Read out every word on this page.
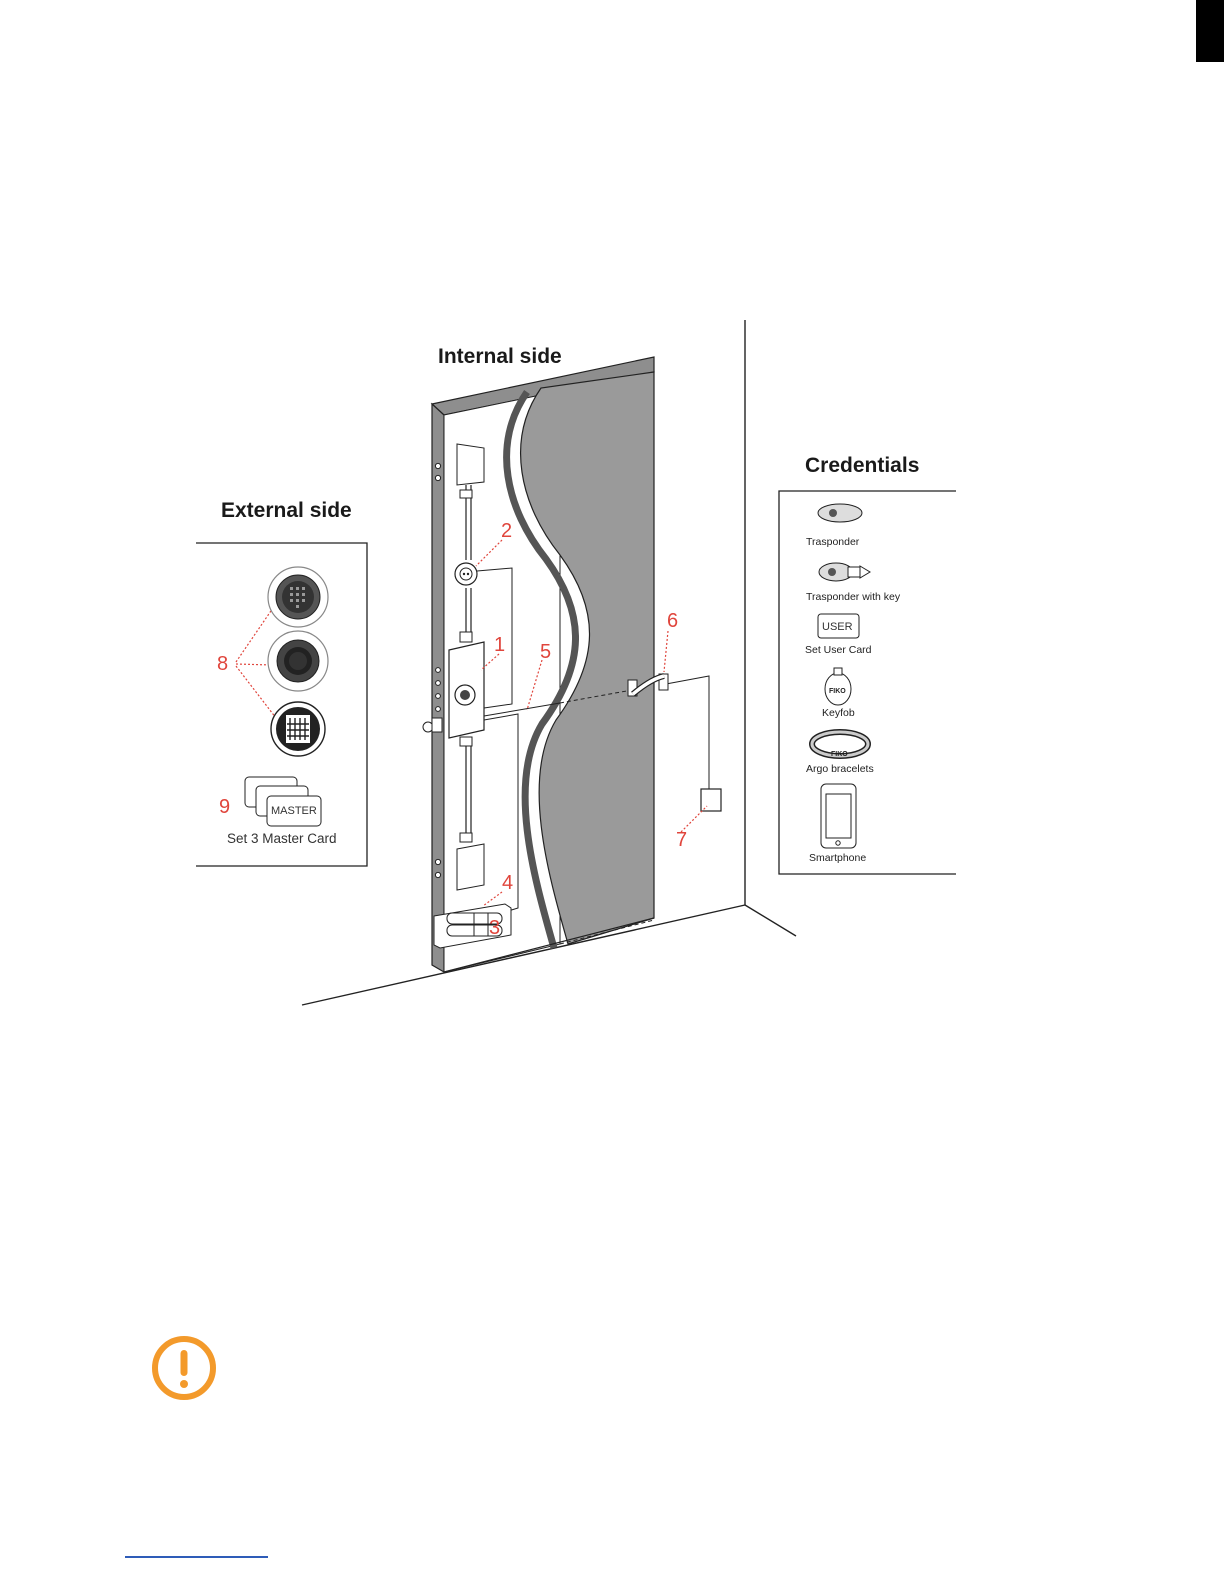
1
2
3
4
5
6
7
8
9
Internal side
External side
Credentials
MASTER
Set 3 Master Card
Trasponder
Trasponder with key
USER
Set User Card
FIKO
Keyfob
FIKO
Argo bracelets
Smartphone
